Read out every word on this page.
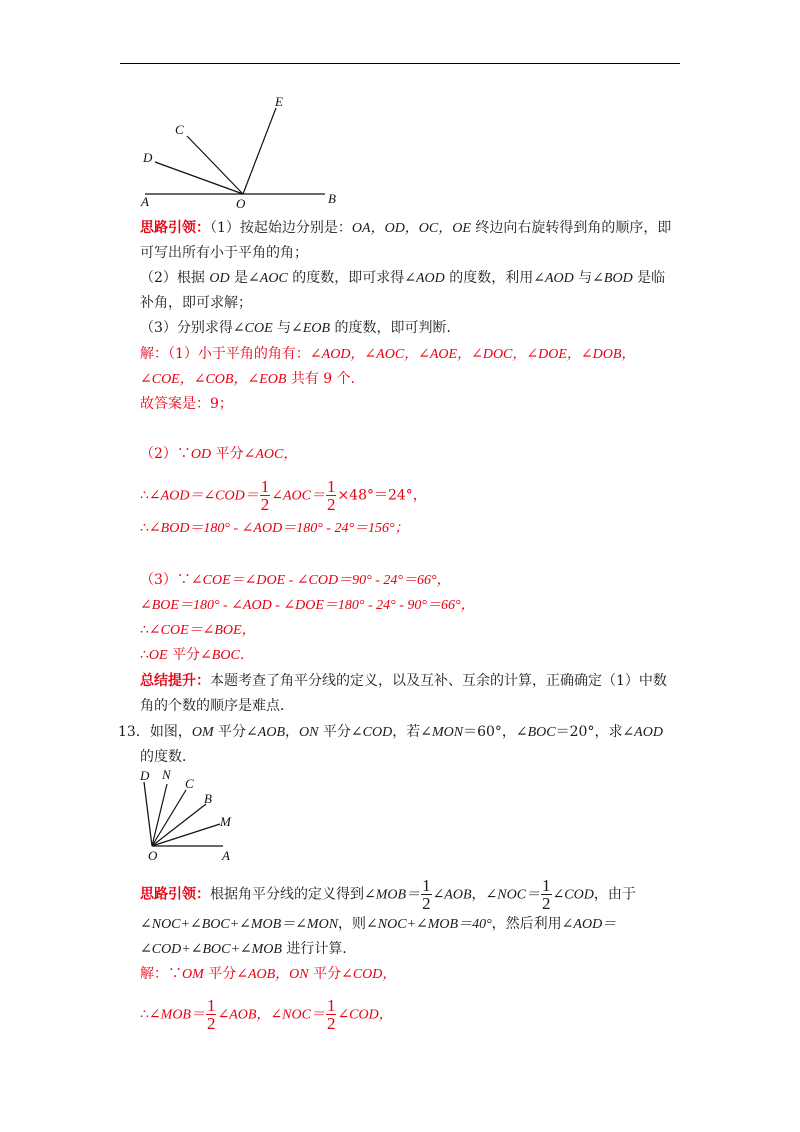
E
C
D
A	O	B
思路引领：（1）按起始边分别是：OA，OD，OC，OE 终边向右旋转得到角的顺序，即
可写出所有小于平角的角；
（2）根据 OD 是∠AOC 的度数，即可求得∠AOD 的度数，利用∠AOD 与∠BOD 是临
补角，即可求解；
（3）分别求得∠COE 与∠EOB 的度数，即可判断．
解：（1）小于平角的角有：∠AOD，∠AOC，∠AOE，∠DOC，∠DOE，∠DOB，
∠COE，∠COB，∠EOB 共有 9 个．
故答案是：9；
（2）∵OD 平分∠AOC，
∴∠AOD＝∠COD＝ $\frac{1}{2}$ ∠AOC＝ $\frac{1}{2} \times 48^\circ=24^\circ$，
∴∠BOD＝180° - ∠AOD＝180° - 24°＝156°；
（3）∵∠COE＝∠DOE - ∠COD＝90° - 24°＝66°，
∠BOE＝180° - ∠AOD - ∠DOE＝180° - 24° - 90°＝66°，
∴∠COE＝∠BOE，
∴OE 平分∠BOC．
总结提升：本题考查了角平分线的定义，以及互补、互余的计算，正确确定（1）中数
角的个数的顺序是难点．
13．如图，OM 平分∠AOB，ON 平分∠COD，若∠MON＝60°，∠BOC＝20°，求∠AOD
的度数．
D N
C
B
M
O	A
思路引领：根据角平分线的定义得到∠MOB＝ $\frac{1}{2}$ ∠AOB，∠NOC＝ $\frac{1}{2}$ ∠COD，由于
∠NOC+∠BOC+∠MOB＝∠MON，则∠NOC+∠MOB＝40°，然后利用∠AOD＝
∠COD+∠BOC+∠MOB 进行计算．
解：∵OM 平分∠AOB，ON 平分∠COD，
∴∠MOB＝ $\frac{1}{2}$ ∠AOB，∠NOC＝ $\frac{1}{2}$ ∠COD，
